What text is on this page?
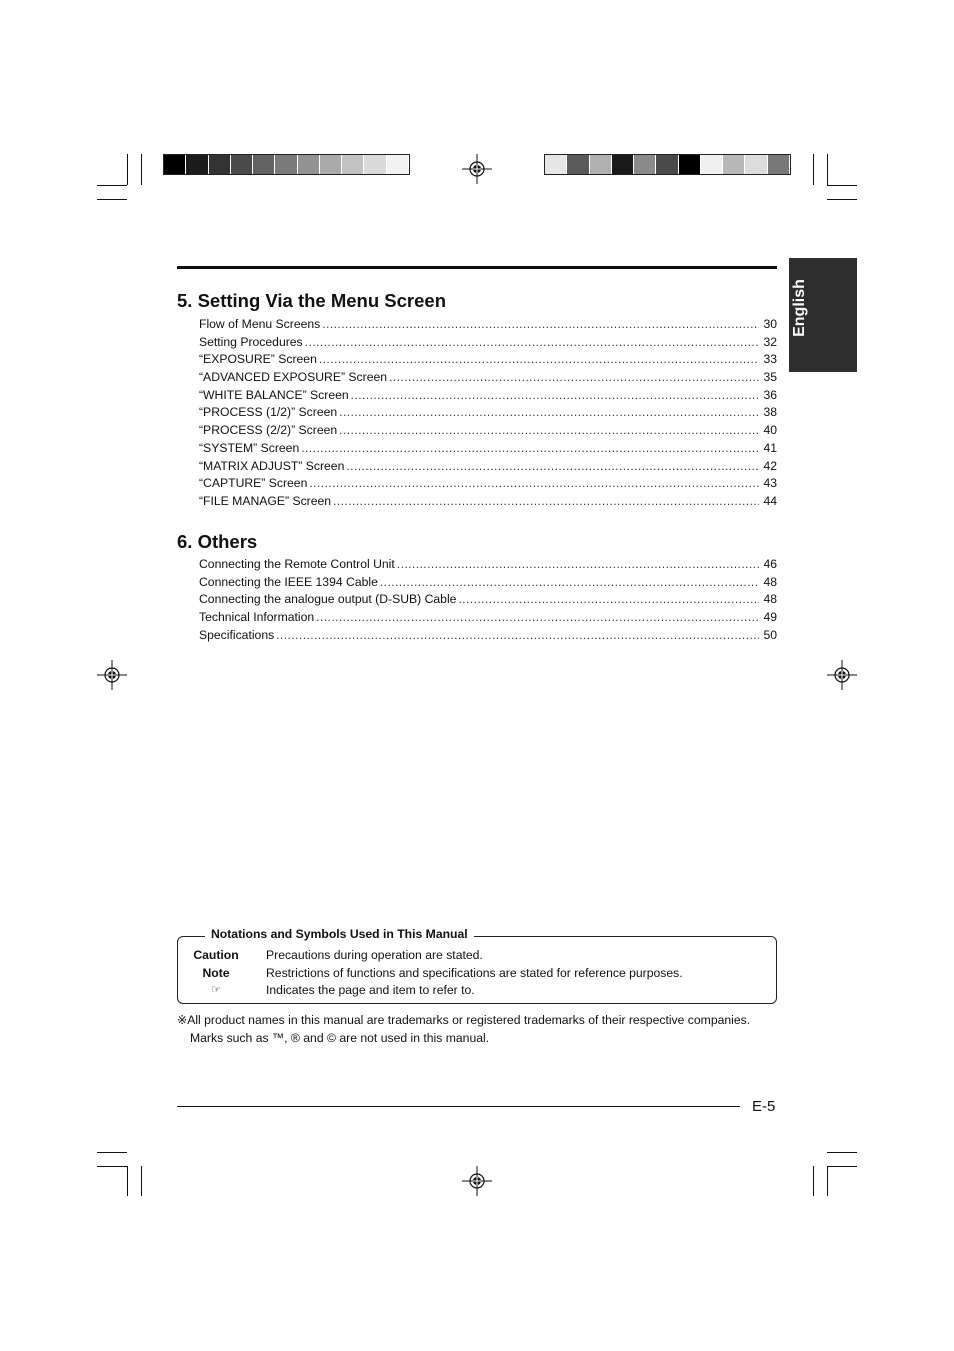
English
5. Setting Via the Menu Screen
Flow of Menu Screens .....	30
Setting Procedures .....	32
“EXPOSURE” Screen .....	33
“ADVANCED EXPOSURE” Screen .....	35
“WHITE BALANCE” Screen .....	36
“PROCESS (1/2)” Screen .....	38
“PROCESS (2/2)” Screen .....	40
“SYSTEM” Screen .....	41
“MATRIX ADJUST” Screen .....	42
“CAPTURE” Screen .....	43
“FILE MANAGE” Screen .....	44
6. Others
Connecting the Remote Control Unit .....	46
Connecting the IEEE 1394 Cable .....	48
Connecting the analogue output (D-SUB) Cable .....	48
Technical Information .....	49
Specifications .....	50
Caution	Precautions during operation are stated.
Note	Restrictions of functions and specifications are stated for reference purposes.
☞	Indicates the page and item to refer to.
Notations and Symbols Used in This Manual
※All product names in this manual are trademarks or registered trademarks of their respective companies.
Marks such as ™, ® and © are not used in this manual.
E-5
